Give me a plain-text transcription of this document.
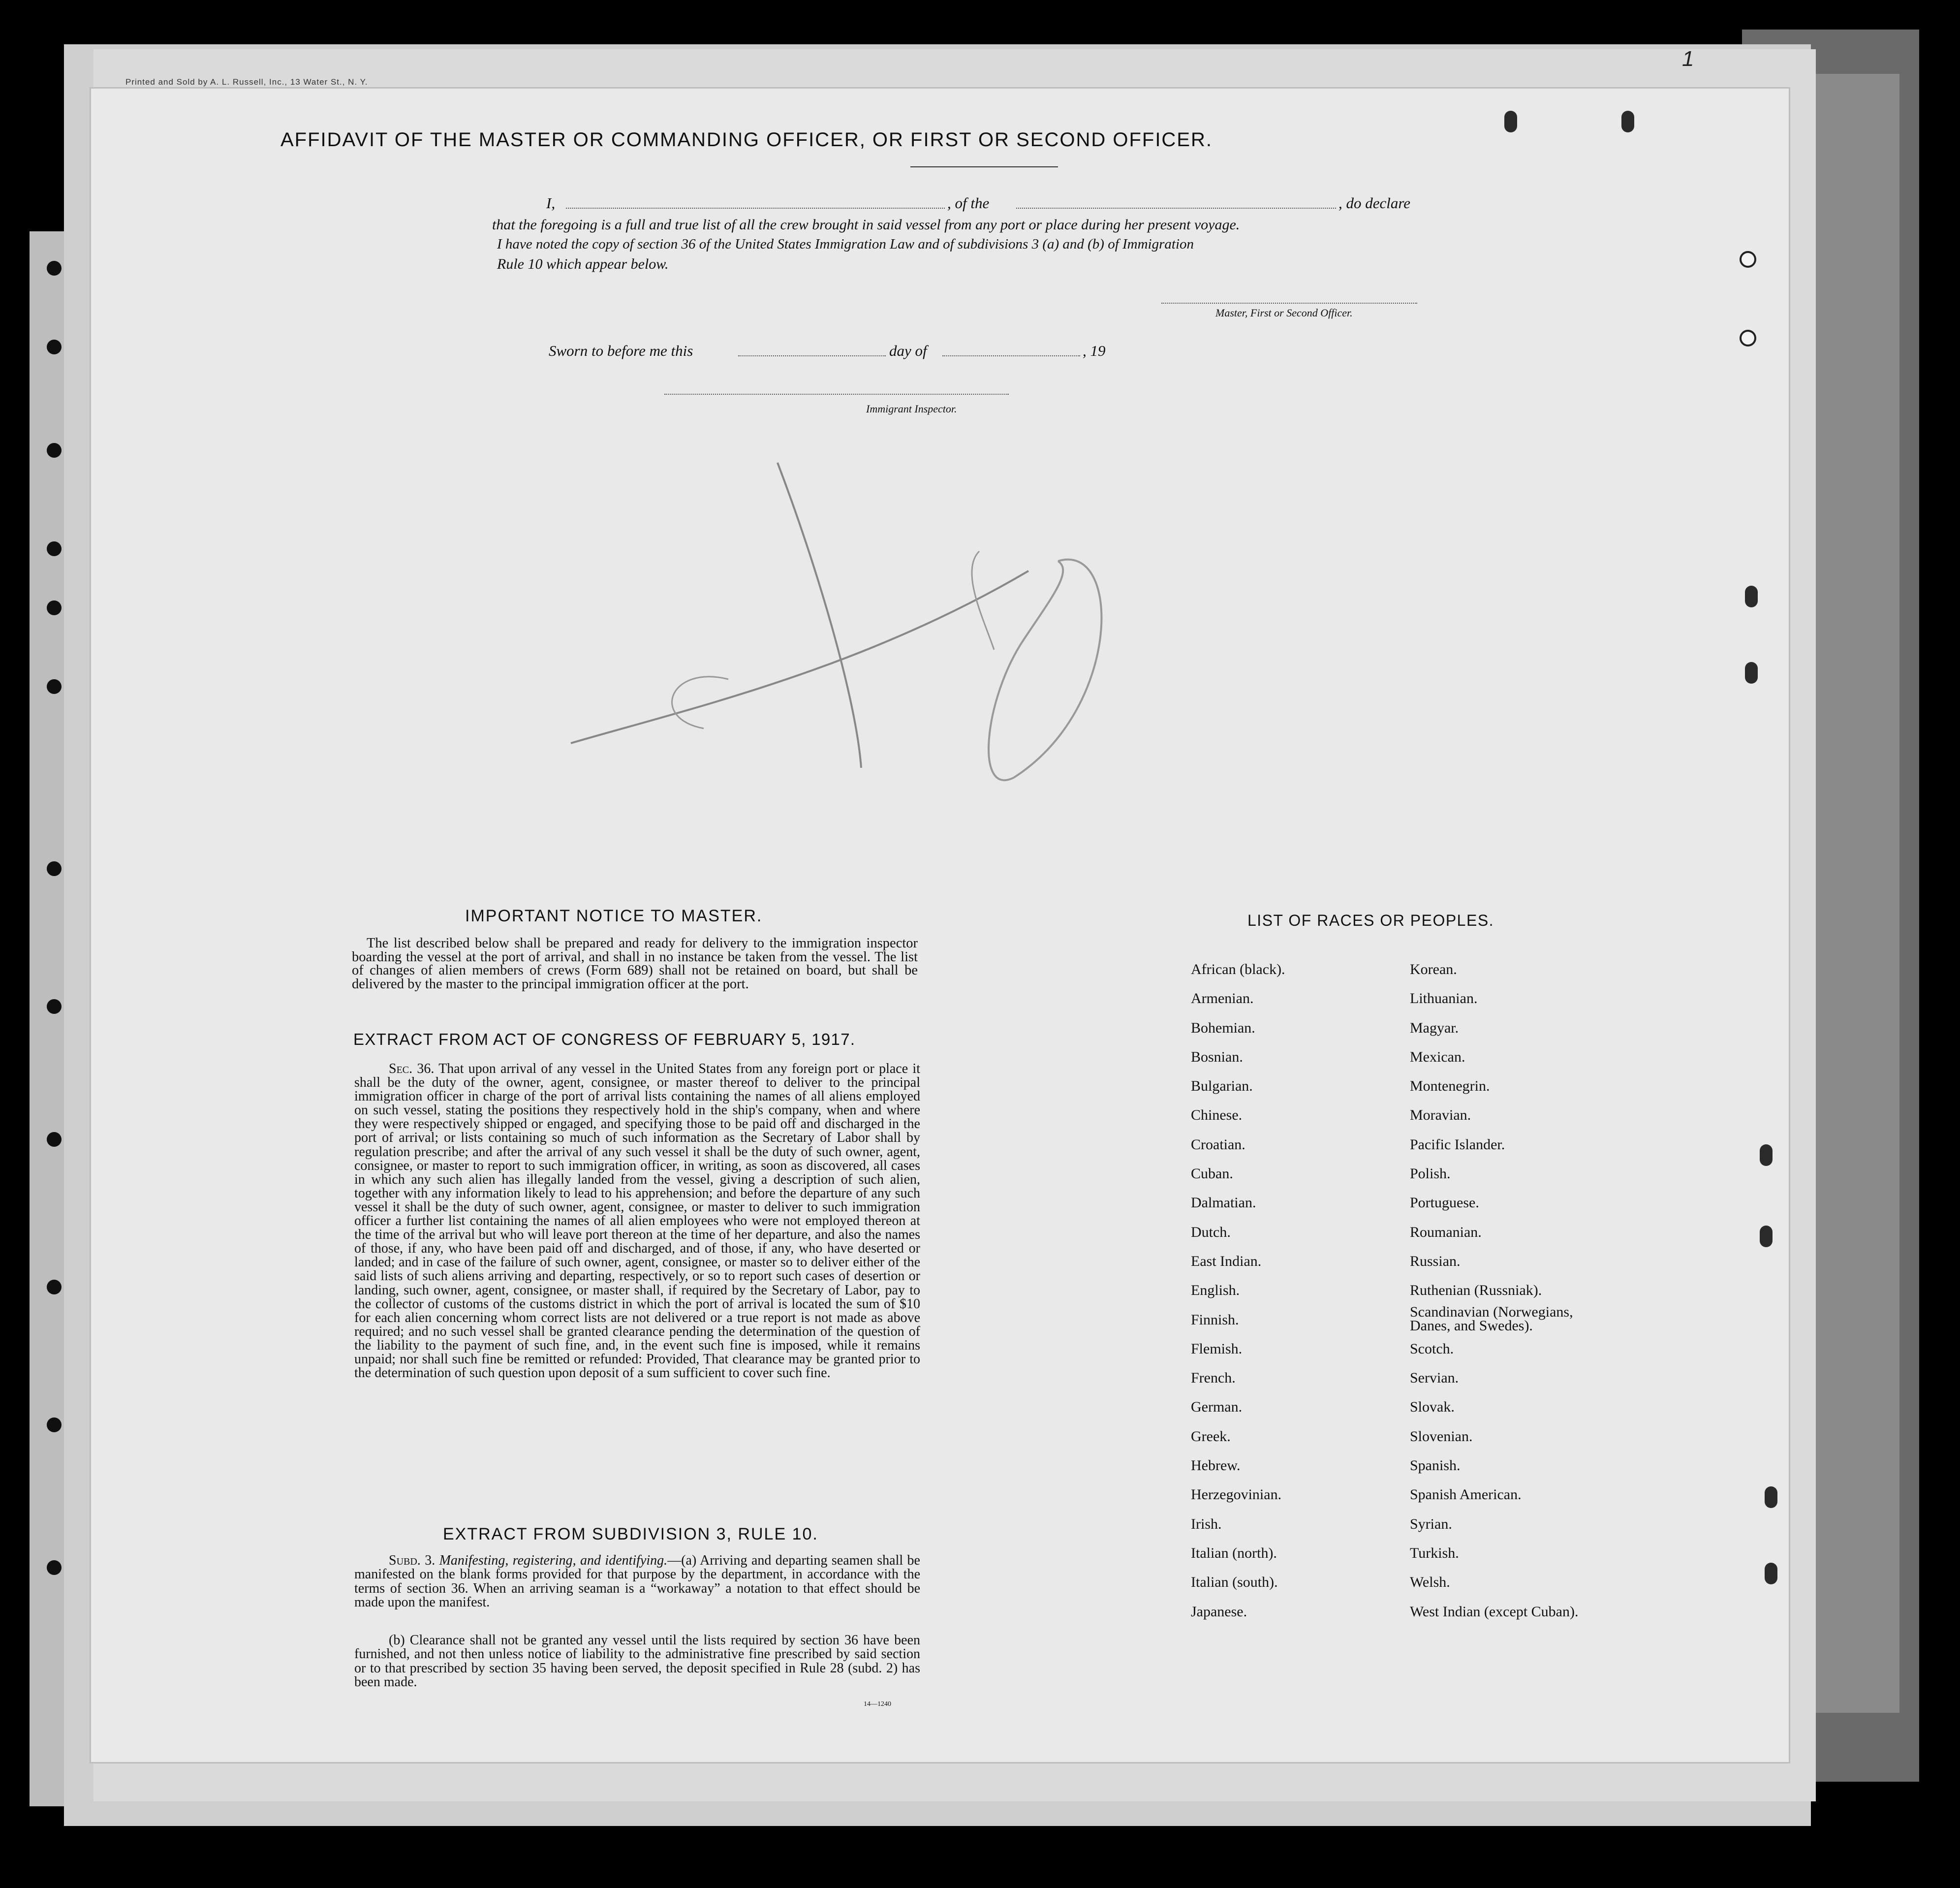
1
Printed and Sold by A. L. Russell, Inc., 13 Water St., N. Y.
AFFIDAVIT OF THE MASTER OR COMMANDING OFFICER, OR FIRST OR SECOND OFFICER.
I,	, of the	, do declare
that the foregoing is a full and true list of all the crew brought in said vessel from any port or place during her present voyage.
I have noted the copy of section 36 of the United States Immigration Law and of subdivisions 3 (a) and (b) of Immigration
Rule 10 which appear below.
Master, First or Second Officer.
Sworn to before me this	day of	, 19
Immigrant Inspector.
IMPORTANT NOTICE TO MASTER.
The list described below shall be prepared and ready for delivery to the immigration inspector boarding the vessel at the port of arrival, and shall in no instance be taken from the vessel. The list of changes of alien members of crews (Form 689) shall not be retained on board, but shall be delivered by the master to the principal immigration officer at the port.
EXTRACT FROM ACT OF CONGRESS OF FEBRUARY 5, 1917.
Sec. 36. That upon arrival of any vessel in the United States from any foreign port or place it shall be the duty of the owner, agent, consignee, or master thereof to deliver to the principal immigration officer in charge of the port of arrival lists containing the names of all aliens employed on such vessel, stating the positions they respectively hold in the ship's company, when and where they were respectively shipped or engaged, and specifying those to be paid off and discharged in the port of arrival; or lists containing so much of such information as the Secretary of Labor shall by regulation prescribe; and after the arrival of any such vessel it shall be the duty of such owner, agent, consignee, or master to report to such immigration officer, in writing, as soon as discovered, all cases in which any such alien has illegally landed from the vessel, giving a description of such alien, together with any information likely to lead to his apprehension; and before the departure of any such vessel it shall be the duty of such owner, agent, consignee, or master to deliver to such immigration officer a further list containing the names of all alien employees who were not employed thereon at the time of the arrival but who will leave port thereon at the time of her departure, and also the names of those, if any, who have been paid off and discharged, and of those, if any, who have deserted or landed; and in case of the failure of such owner, agent, consignee, or master so to deliver either of the said lists of such aliens arriving and departing, respectively, or so to report such cases of desertion or landing, such owner, agent, consignee, or master shall, if required by the Secretary of Labor, pay to the collector of customs of the customs district in which the port of arrival is located the sum of $10 for each alien concerning whom correct lists are not delivered or a true report is not made as above required; and no such vessel shall be granted clearance pending the determination of the question of the liability to the payment of such fine, and, in the event such fine is imposed, while it remains unpaid; nor shall such fine be remitted or refunded: Provided, That clearance may be granted prior to the determination of such question upon deposit of a sum sufficient to cover such fine.
EXTRACT FROM SUBDIVISION 3, RULE 10.
Subd. 3. Manifesting, registering, and identifying.—(a) Arriving and departing seamen shall be manifested on the blank forms provided for that purpose by the department, in accordance with the terms of section 36. When an arriving seaman is a “workaway” a notation to that effect should be made upon the manifest.
(b) Clearance shall not be granted any vessel until the lists required by section 36 have been furnished, and not then unless notice of liability to the administrative fine prescribed by said section or to that prescribed by section 35 having been served, the deposit specified in Rule 28 (subd. 2) has been made.
14—1240
LIST OF RACES OR PEOPLES.
African (black).
Armenian.
Bohemian.
Bosnian.
Bulgarian.
Chinese.
Croatian.
Cuban.
Dalmatian.
Dutch.
East Indian.
English.
Finnish.
Flemish.
French.
German.
Greek.
Hebrew.
Herzegovinian.
Irish.
Italian (north).
Italian (south).
Japanese.
Korean.
Lithuanian.
Magyar.
Mexican.
Montenegrin.
Moravian.
Pacific Islander.
Polish.
Portuguese.
Roumanian.
Russian.
Ruthenian (Russniak).
Scandinavian (Norwegians, Danes, and Swedes).
Scotch.
Servian.
Slovak.
Slovenian.
Spanish.
Spanish American.
Syrian.
Turkish.
Welsh.
West Indian (except Cuban).
